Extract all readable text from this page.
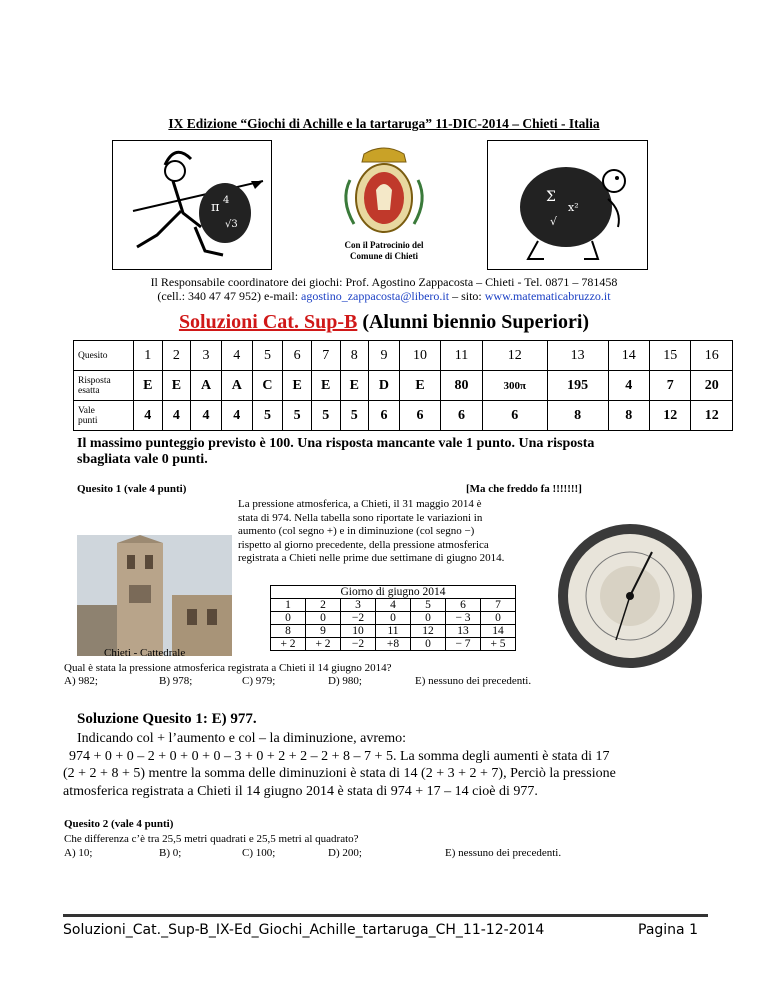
IX Edizione “Giochi di Achille e la tartaruga” 11-DIC-2014 – Chieti - Italia
π
√3
4
Con il Patrocinio del
Comune di Chieti
Σ
x²
√
Il Responsabile coordinatore dei giochi: Prof. Agostino Zappacosta – Chieti - Tel. 0871 – 781458
(cell.: 340 47 47 952) e-mail: agostino_zappacosta@libero.it – sito: www.matematicabruzzo.it
Soluzioni Cat. Sup-B (Alunni biennio Superiori)
Quesito	1	2	3	4	5	6	7	8	9	10	11	12	13	14	15	16
Risposta
esatta	E	E	A	A	C	E	E	E	D	E	80	300π	195	4	7	20
Vale
punti	4	4	4	4	5	5	5	5	6	6	6	6	8	8	12	12
Il massimo punteggio previsto è 100. Una risposta mancante vale 1 punto. Una risposta
sbagliata vale 0 punti.
Quesito 1 (vale 4 punti)	[Ma che freddo fa !!!!!!!]
La pressione atmosferica, a Chieti, il 31 maggio 2014 è
stata di 974. Nella tabella sono riportate le variazioni in
aumento (col segno +) e in diminuzione (col segno −)
rispetto al giorno precedente, della pressione atmosferica
registrata a Chieti nelle prime due settimane di giugno 2014.
Giorno di giugno 2014						
1	2	3	4	5	6	7
0	0	−2	0	0	− 3	0
8	9	10	11	12	13	14
+ 2	+ 2	−2	+8	0	− 7	+ 5
Chieti - Cattedrale
Qual è stata la pressione atmosferica registrata a Chieti il 14 giugno 2014?
A) 982;	B) 978;	C) 979;	D) 980;	E) nessuno dei precedenti.
Soluzione Quesito 1: E) 977.
Indicando col + l’aumento e col – la diminuzione, avremo:
974 + 0 + 0 – 2 + 0 + 0 + 0 – 3 + 0 + 2 + 2 – 2 + 8 – 7 + 5. La somma degli aumenti è stata di 17
(2 + 2 + 8 + 5) mentre la somma delle diminuzioni è stata di 14 (2 + 3 + 2 + 7), Perciò la pressione
atmosferica registrata a Chieti il 14 giugno 2014 è stata di 974 + 17 – 14 cioè di 977.
Quesito 2 (vale 4 punti)
Che differenza c’è tra 25,5 metri quadrati e 25,5 metri al quadrato?
A) 10;	B) 0;	C) 100;	D) 200;	E) nessuno dei precedenti.
Soluzioni_Cat._Sup-B_IX-Ed_Giochi_Achille_tartaruga_CH_11-12-2014	Pagina 1
